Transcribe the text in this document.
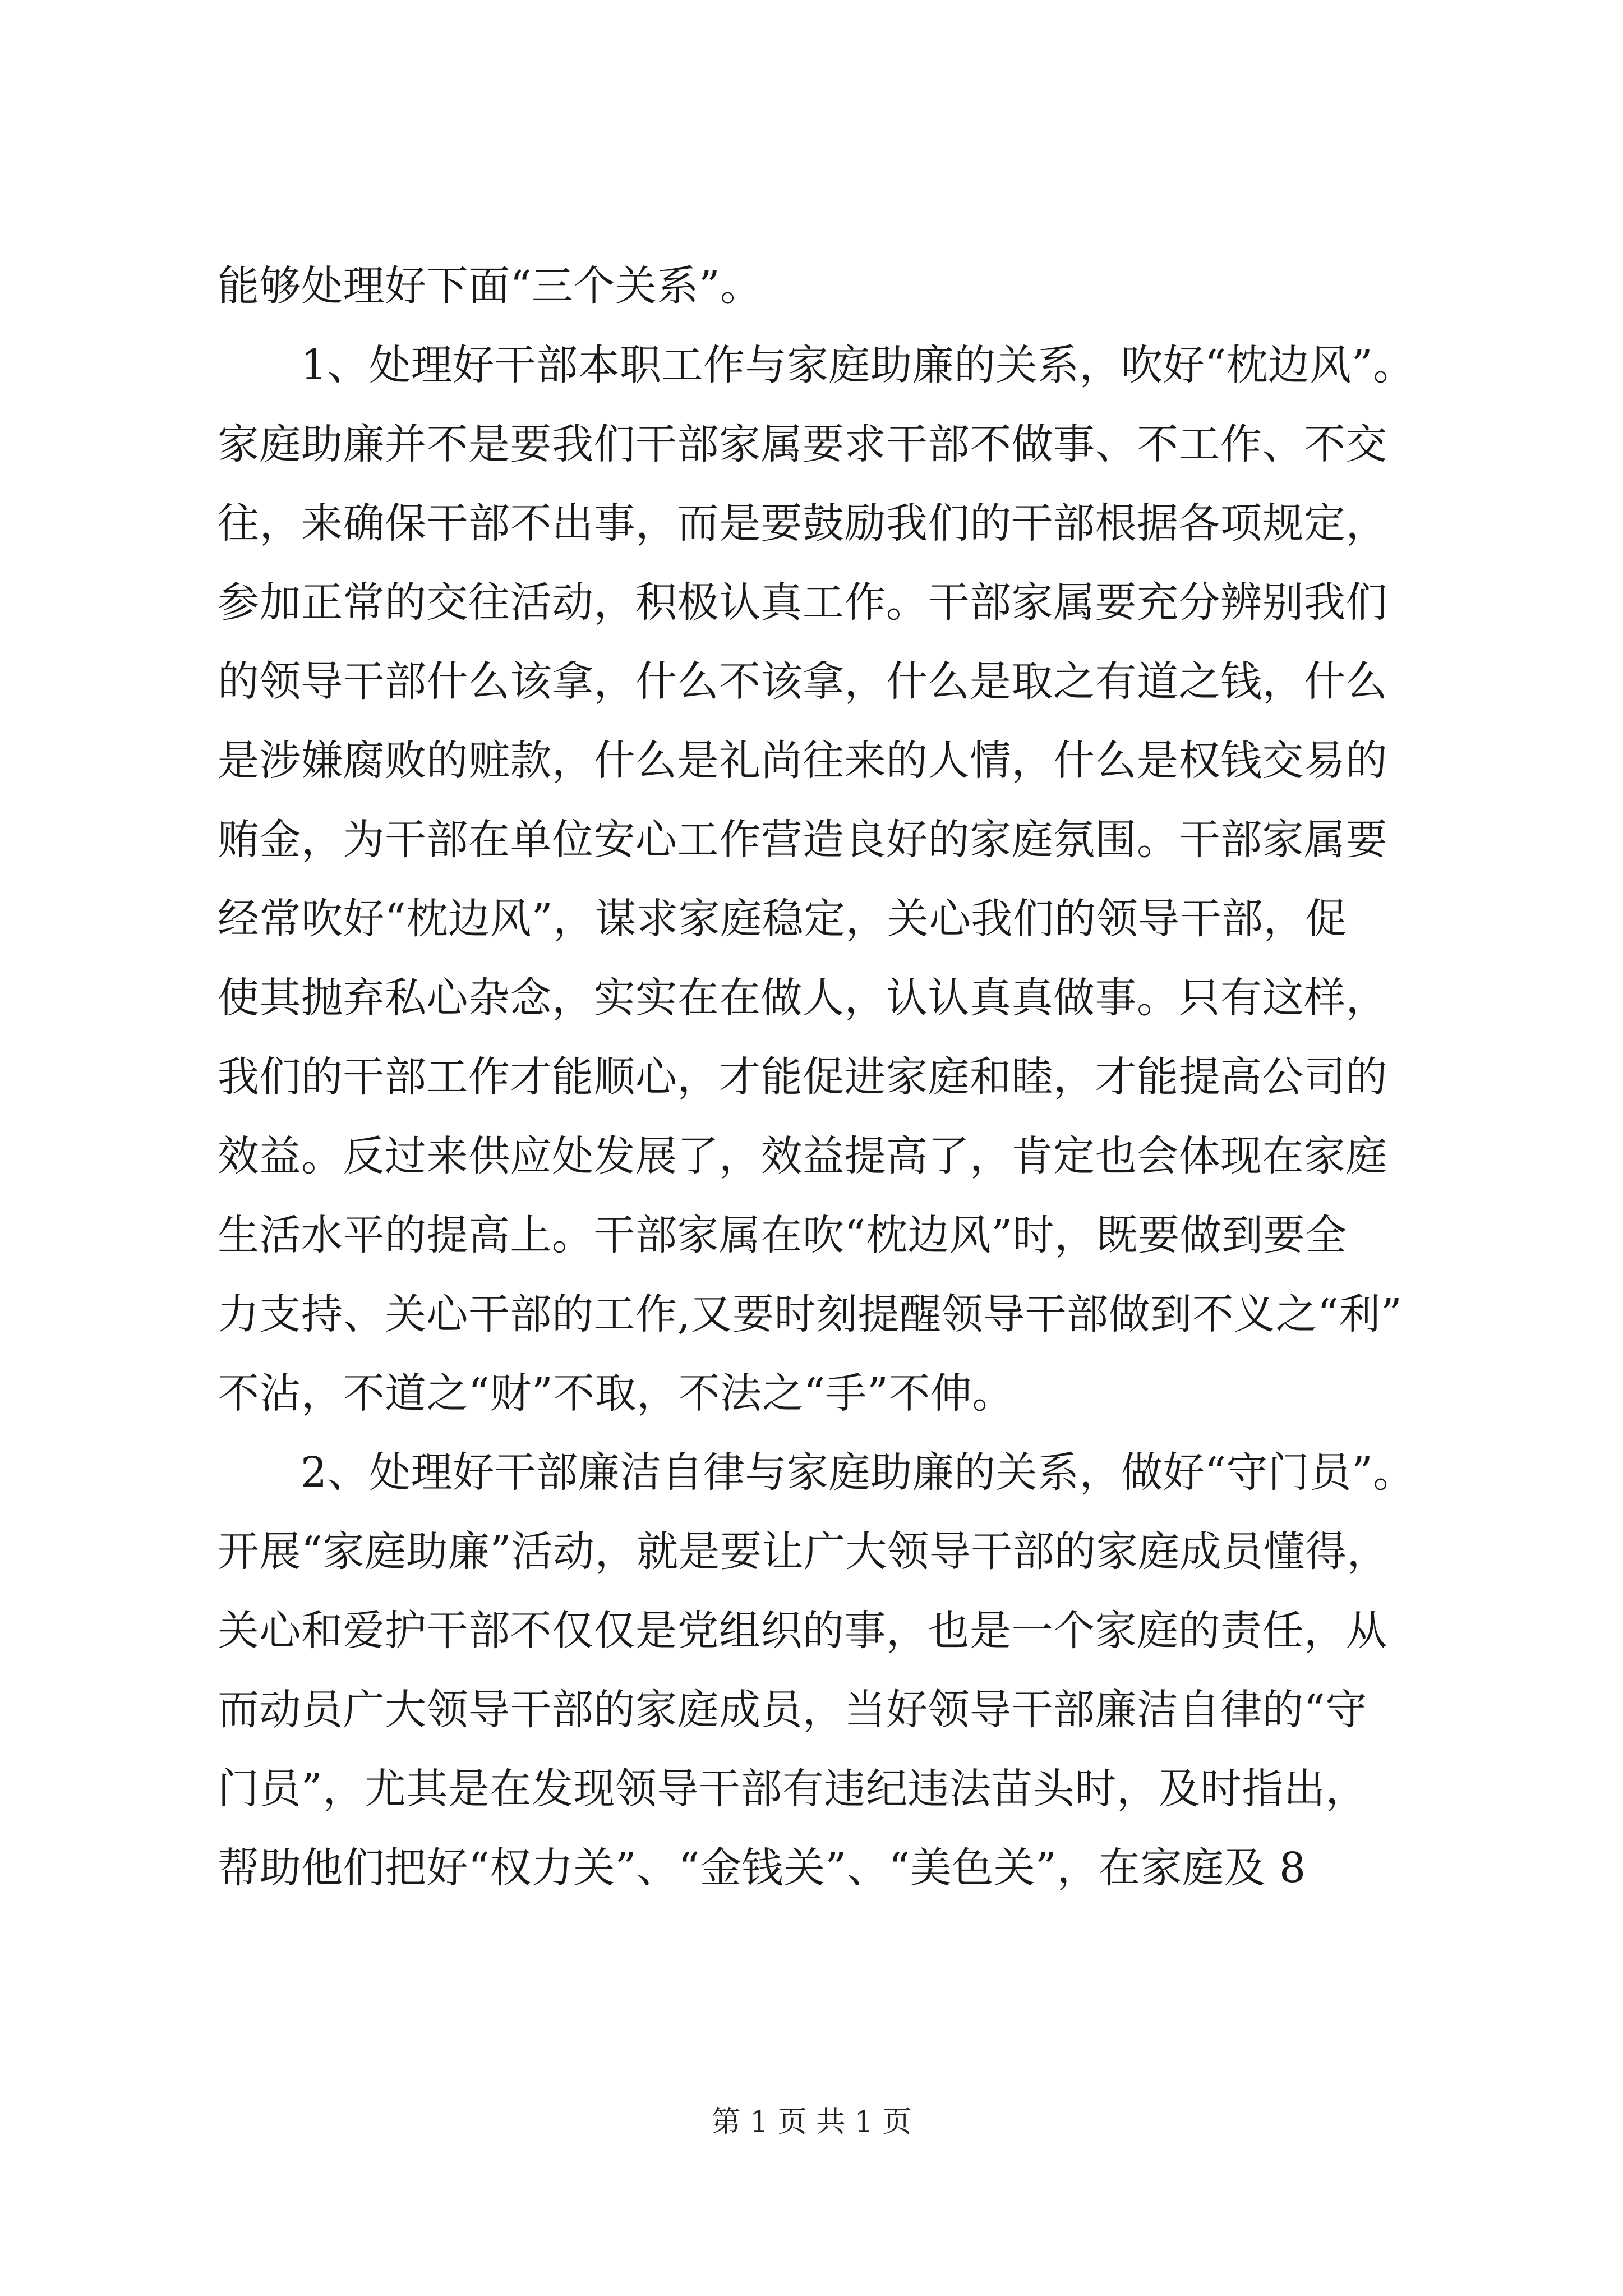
能够处理好下面“三个关系”。
1、处理好干部本职工作与家庭助廉的关系，吹好“枕边风”。
家庭助廉并不是要我们干部家属要求干部不做事、不工作、不交
往，来确保干部不出事，而是要鼓励我们的干部根据各项规定，
参加正常的交往活动，积极认真工作。干部家属要充分辨别我们
的领导干部什么该拿，什么不该拿，什么是取之有道之钱，什么
是涉嫌腐败的赃款，什么是礼尚往来的人情，什么是权钱交易的
贿金，为干部在单位安心工作营造良好的家庭氛围。干部家属要
经常吹好“枕边风”，谋求家庭稳定，关心我们的领导干部，促
使其抛弃私心杂念，实实在在做人，认认真真做事。只有这样，
我们的干部工作才能顺心，才能促进家庭和睦，才能提高公司的
效益。反过来供应处发展了，效益提高了，肯定也会体现在家庭
生活水平的提高上。干部家属在吹“枕边风”时，既要做到要全
力支持、关心干部的工作,又要时刻提醒领导干部做到不义之“利”
不沾，不道之“财”不取，不法之“手”不伸。
2、处理好干部廉洁自律与家庭助廉的关系，做好“守门员”。
开展“家庭助廉”活动，就是要让广大领导干部的家庭成员懂得，
关心和爱护干部不仅仅是党组织的事，也是一个家庭的责任，从
而动员广大领导干部的家庭成员，当好领导干部廉洁自律的“守
门员”，尤其是在发现领导干部有违纪违法苗头时，及时指出，
帮助他们把好“权力关”、“金钱关”、“美色关”，在家庭及 8
第 1 页 共 1 页
